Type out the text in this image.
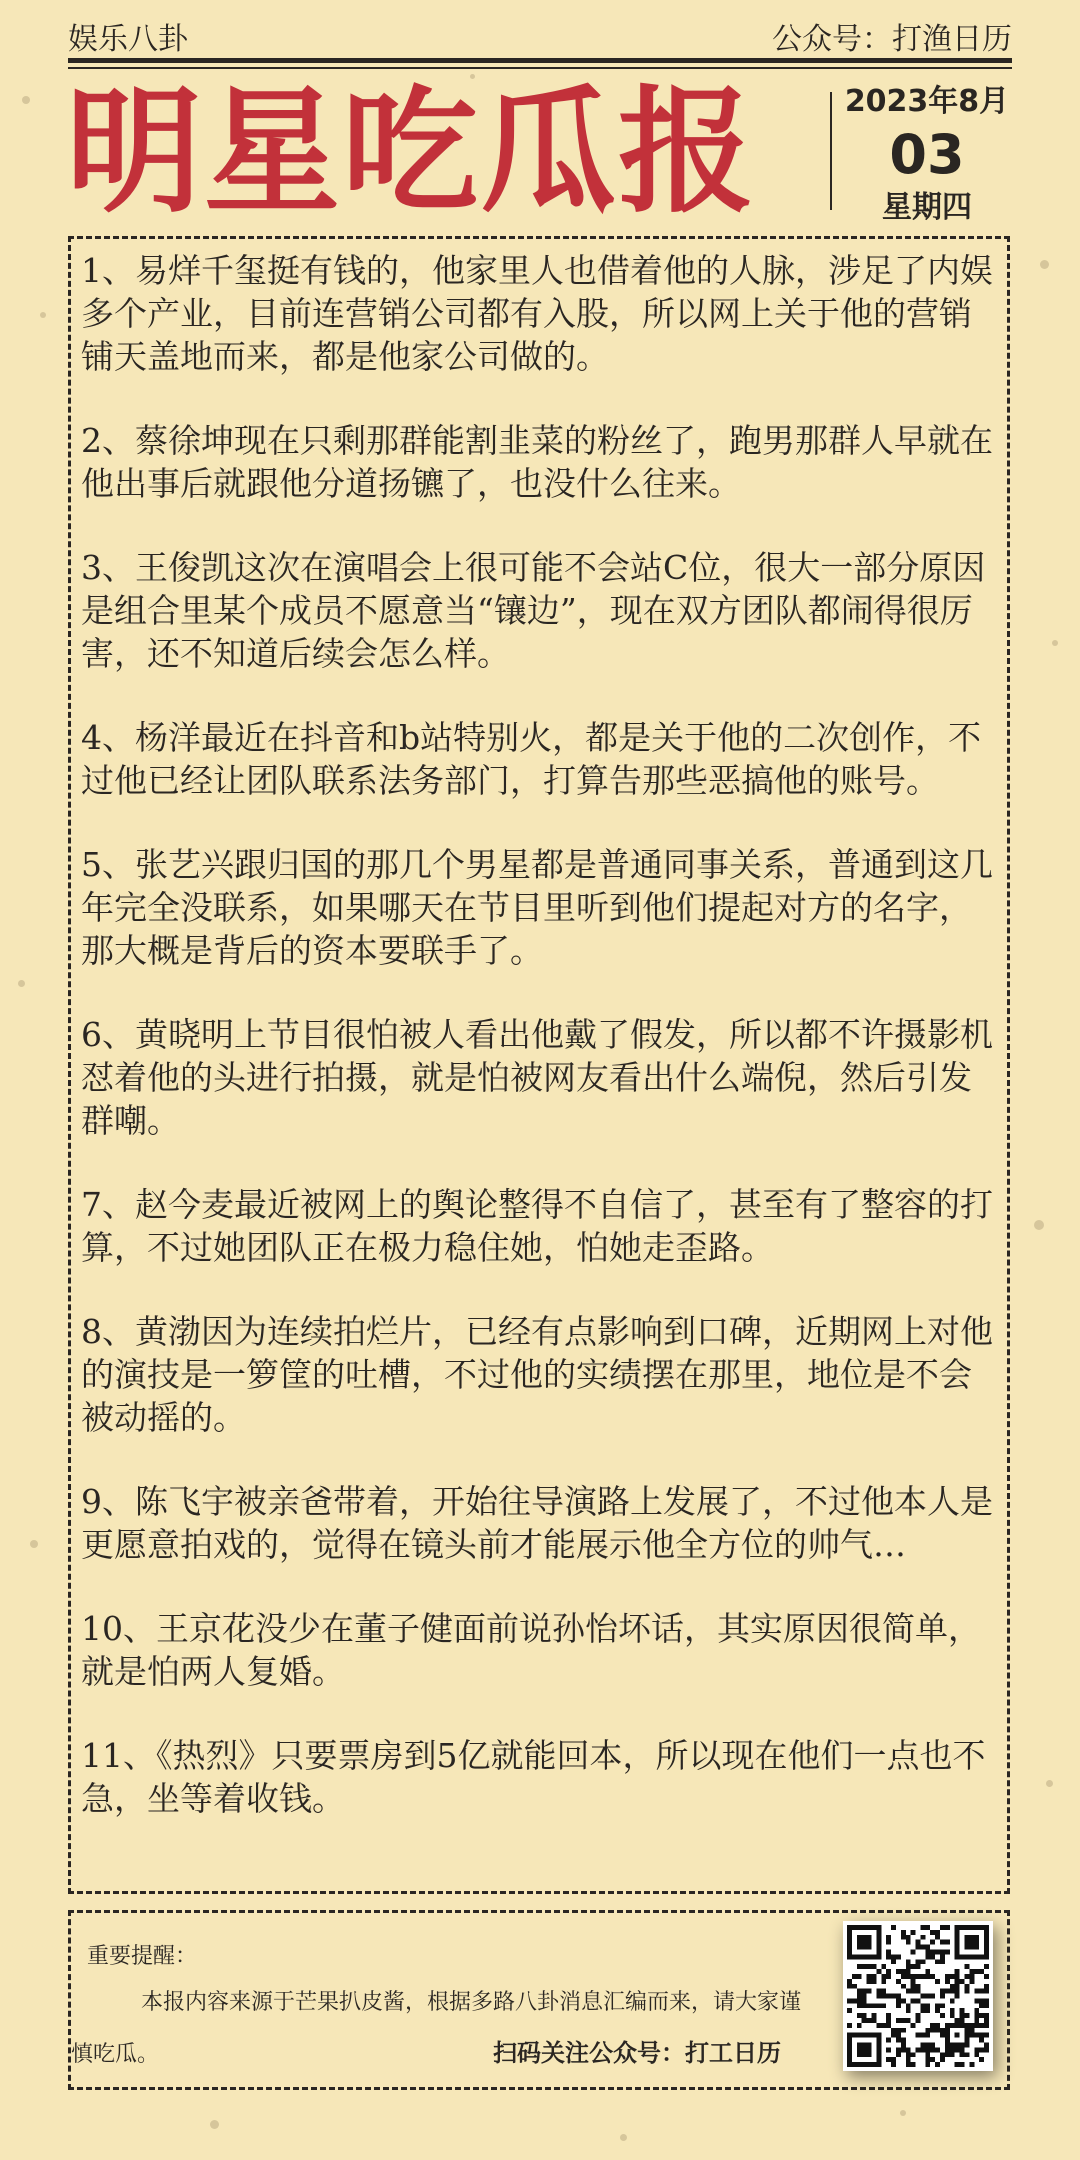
娱乐八卦	公众号：打渔日历
明星吃瓜报	2023年8月
03
星期四

1、易烊千玺挺有钱的，他家里人也借着他的人脉，涉足了内娱多个产业，目前连营销公司都有入股，所以网上关于他的营销铺天盖地而来，都是他家公司做的。

2、蔡徐坤现在只剩那群能割韭菜的粉丝了，跑男那群人早就在他出事后就跟他分道扬镳了，也没什么往来。

3、王俊凯这次在演唱会上很可能不会站C位，很大一部分原因是组合里某个成员不愿意当“镶边”，现在双方团队都闹得很厉害，还不知道后续会怎么样。

4、杨洋最近在抖音和b站特别火，都是关于他的二次创作，不过他已经让团队联系法务部门，打算告那些恶搞他的账号。

5、张艺兴跟归国的那几个男星都是普通同事关系，普通到这几年完全没联系，如果哪天在节目里听到他们提起对方的名字，那大概是背后的资本要联手了。

6、黄晓明上节目很怕被人看出他戴了假发，所以都不许摄影机怼着他的头进行拍摄，就是怕被网友看出什么端倪，然后引发群嘲。

7、赵今麦最近被网上的舆论整得不自信了，甚至有了整容的打算，不过她团队正在极力稳住她，怕她走歪路。

8、黄渤因为连续拍烂片，已经有点影响到口碑，近期网上对他的演技是一箩筐的吐槽，不过他的实绩摆在那里，地位是不会被动摇的。

9、陈飞宇被亲爸带着，开始往导演路上发展了，不过他本人是更愿意拍戏的，觉得在镜头前才能展示他全方位的帅气…

10、王京花没少在董子健面前说孙怡坏话，其实原因很简单，就是怕两人复婚。

11、《热烈》只要票房到5亿就能回本，所以现在他们一点也不急，坐等着收钱。

重要提醒：
本报内容来源于芒果扒皮酱，根据多路八卦消息汇编而来，请大家谨慎吃瓜。	扫码关注公众号：打工日历
